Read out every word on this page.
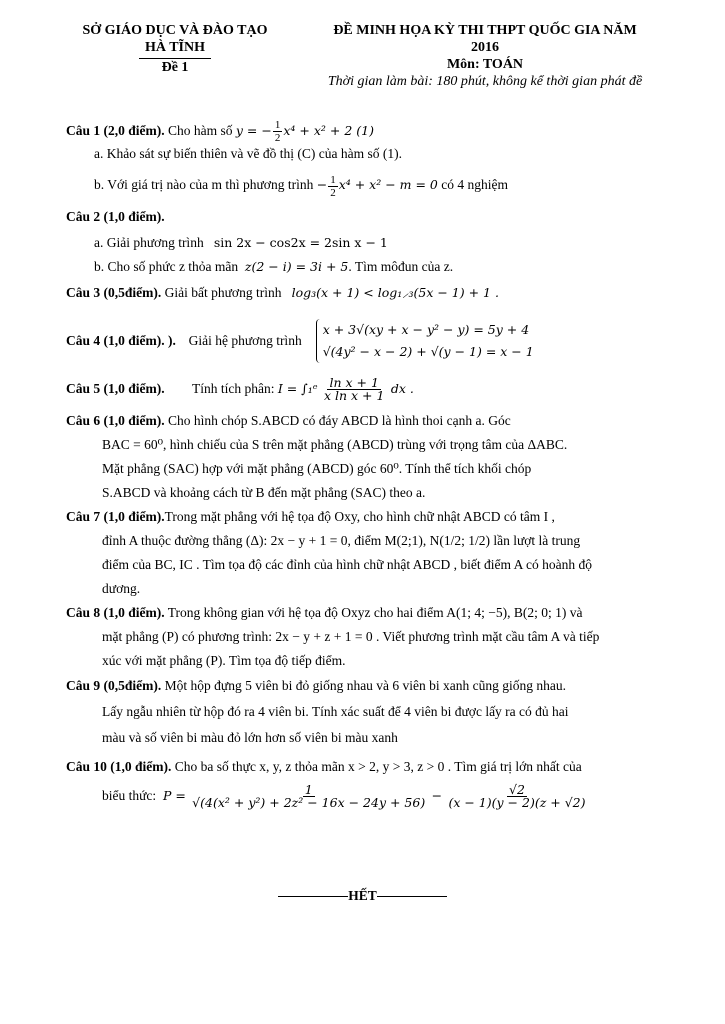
SỞ GIÁO DỤC VÀ ĐÀO TẠO
HÀ TĨNH
Đề 1
ĐỀ MINH HỌA KỲ THI THPT QUỐC GIA NĂM
2016
Môn: TOÁN
Thời gian làm bài: 180 phút, không kể thời gian phát đề
Câu 1 (2,0 điểm). Cho hàm số y = − $\frac{1}{2} x^4 + x^2 + 2$ (1)
a. Khảo sát sự biến thiên và vẽ đồ thị (C) của hàm số (1).
b. Với giá trị nào của m thì phương trình − $\frac{1}{2} x^4 + x^2 - m = 0$ có 4 nghiệm
Câu 2 (1,0 điểm).
a. Giải phương trình sin 2x − cos2x = 2sin x − 1
b. Cho số phức z thỏa mãn z(2 − i) = 3i + 5. Tìm môđun của z.
Câu 3 (0,5điểm). Giải bất phương trình log₃(x + 1) < log₁⸝₃(5x − 1) + 1 .
Câu 4 (1,0 điểm). ).
Giải hệ phương trình
x + 3√(xy + x − y² − y) = 5y + 4
√(4y² − x − 2) + √(y − 1) = x − 1
Câu 5 (1,0 điểm). Tính tích phân: I = ∫₁ᵉ $\frac{\text{ln x + 1}}{\text{x ln x + 1}}$ dx .
Câu 6 (1,0 điểm). Cho hình chóp S.ABCD có đáy ABCD là hình thoi cạnh a. Góc
BAC = 60⁰, hình chiếu của S trên mặt phẳng (ABCD) trùng với trọng tâm của ΔABC.
Mặt phẳng (SAC) hợp với mặt phẳng (ABCD) góc 60⁰. Tính thể tích khối chóp
S.ABCD và khoảng cách từ B đến mặt phẳng (SAC) theo a.
Câu 7 (1,0 điểm).Trong mặt phẳng với hệ tọa độ Oxy, cho hình chữ nhật ABCD có tâm I ,
đỉnh A thuộc đường thẳng (Δ): 2x − y + 1 = 0, điểm M(2;1), N(1/2; 1/2) lần lượt là trung
điểm của BC, IC . Tìm tọa độ các đỉnh của hình chữ nhật ABCD , biết điểm A có hoành độ
dương.
Câu 8 (1,0 điểm). Trong không gian với hệ tọa độ Oxyz cho hai điểm A(1; 4; −5), B(2; 0; 1) và
mặt phẳng (P) có phương trình: 2x − y + z + 1 = 0 . Viết phương trình mặt cầu tâm A và tiếp
xúc với mặt phẳng (P). Tìm tọa độ tiếp điểm.
Câu 9 (0,5điểm). Một hộp đựng 5 viên bi đỏ giống nhau và 6 viên bi xanh cũng giống nhau.
Lấy ngẫu nhiên từ hộp đó ra 4 viên bi. Tính xác suất để 4 viên bi được lấy ra có đủ hai
màu và số viên bi màu đỏ lớn hơn số viên bi màu xanh
Câu 10 (1,0 điểm). Cho ba số thực x, y, z thỏa mãn x > 2, y > 3, z > 0 . Tìm giá trị lớn nhất của
biểu thức: $P = \frac{1}{\text{√(4(x² + y²) + 2z² − 16x − 24y + 56)}} - \frac{√2}{(x - 1)(y - 2)(z + √2)}$
HẾT
